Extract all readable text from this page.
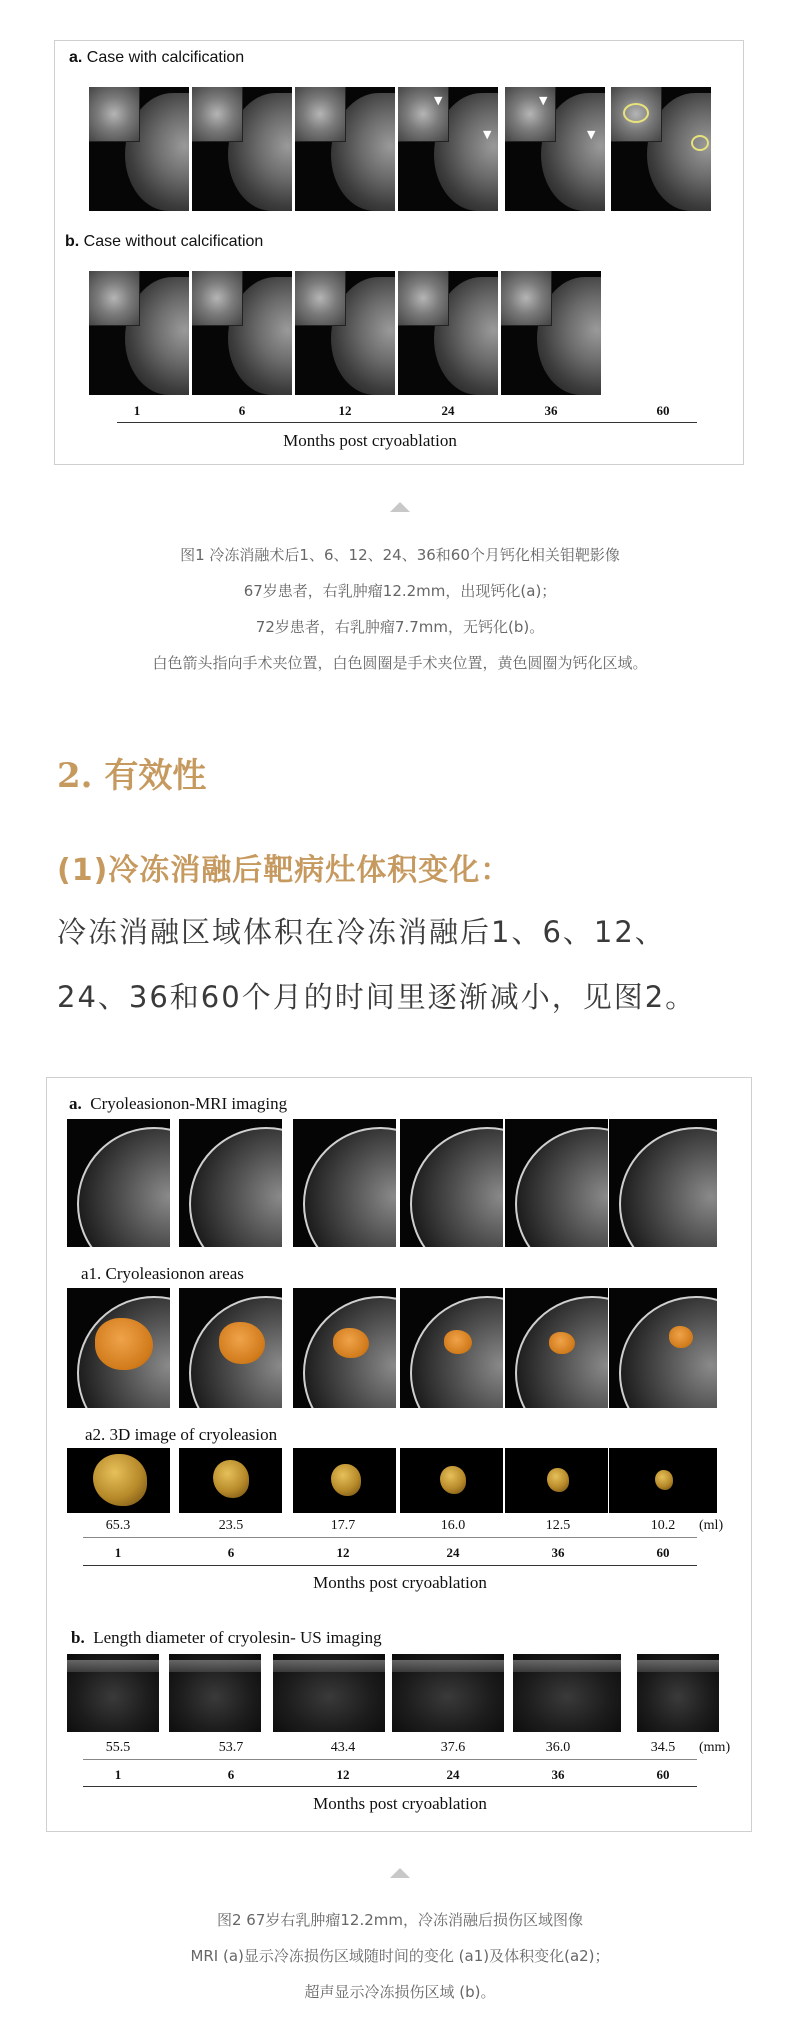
a. Case with calcification
▼
▼
▼
▼
b. Case without calcification
1	6	12	24	36	60
Months post cryoablation
图1 冷冻消融术后1、6、12、24、36和60个月钙化相关钼靶影像
67岁患者，右乳肿瘤12.2mm，出现钙化(a)；
72岁患者，右乳肿瘤7.7mm，无钙化(b)。
白色箭头指向手术夹位置，白色圆圈是手术夹位置，黄色圆圈为钙化区域。
2. 有效性
(1)冷冻消融后靶病灶体积变化：
冷冻消融区域体积在冷冻消融后1、6、12、
24、36和60个月的时间里逐渐减小，见图2。
a. Cryoleasionon-MRI imaging
a1. Cryoleasionon areas
a2. 3D image of cryoleasion
65.3	23.5	17.7	16.0	12.5	10.2	(ml)
1	6	12	24	36	60
Months post cryoablation
b. Length diameter of cryolesin- US imaging
55.5	53.7	43.4	37.6	36.0	34.5	(mm)
1	6	12	24	36	60
Months post cryoablation
图2 67岁右乳肿瘤12.2mm，冷冻消融后损伤区域图像
MRI (a)显示冷冻损伤区域随时间的变化 (a1)及体积变化(a2)；
超声显示冷冻损伤区域 (b)。
